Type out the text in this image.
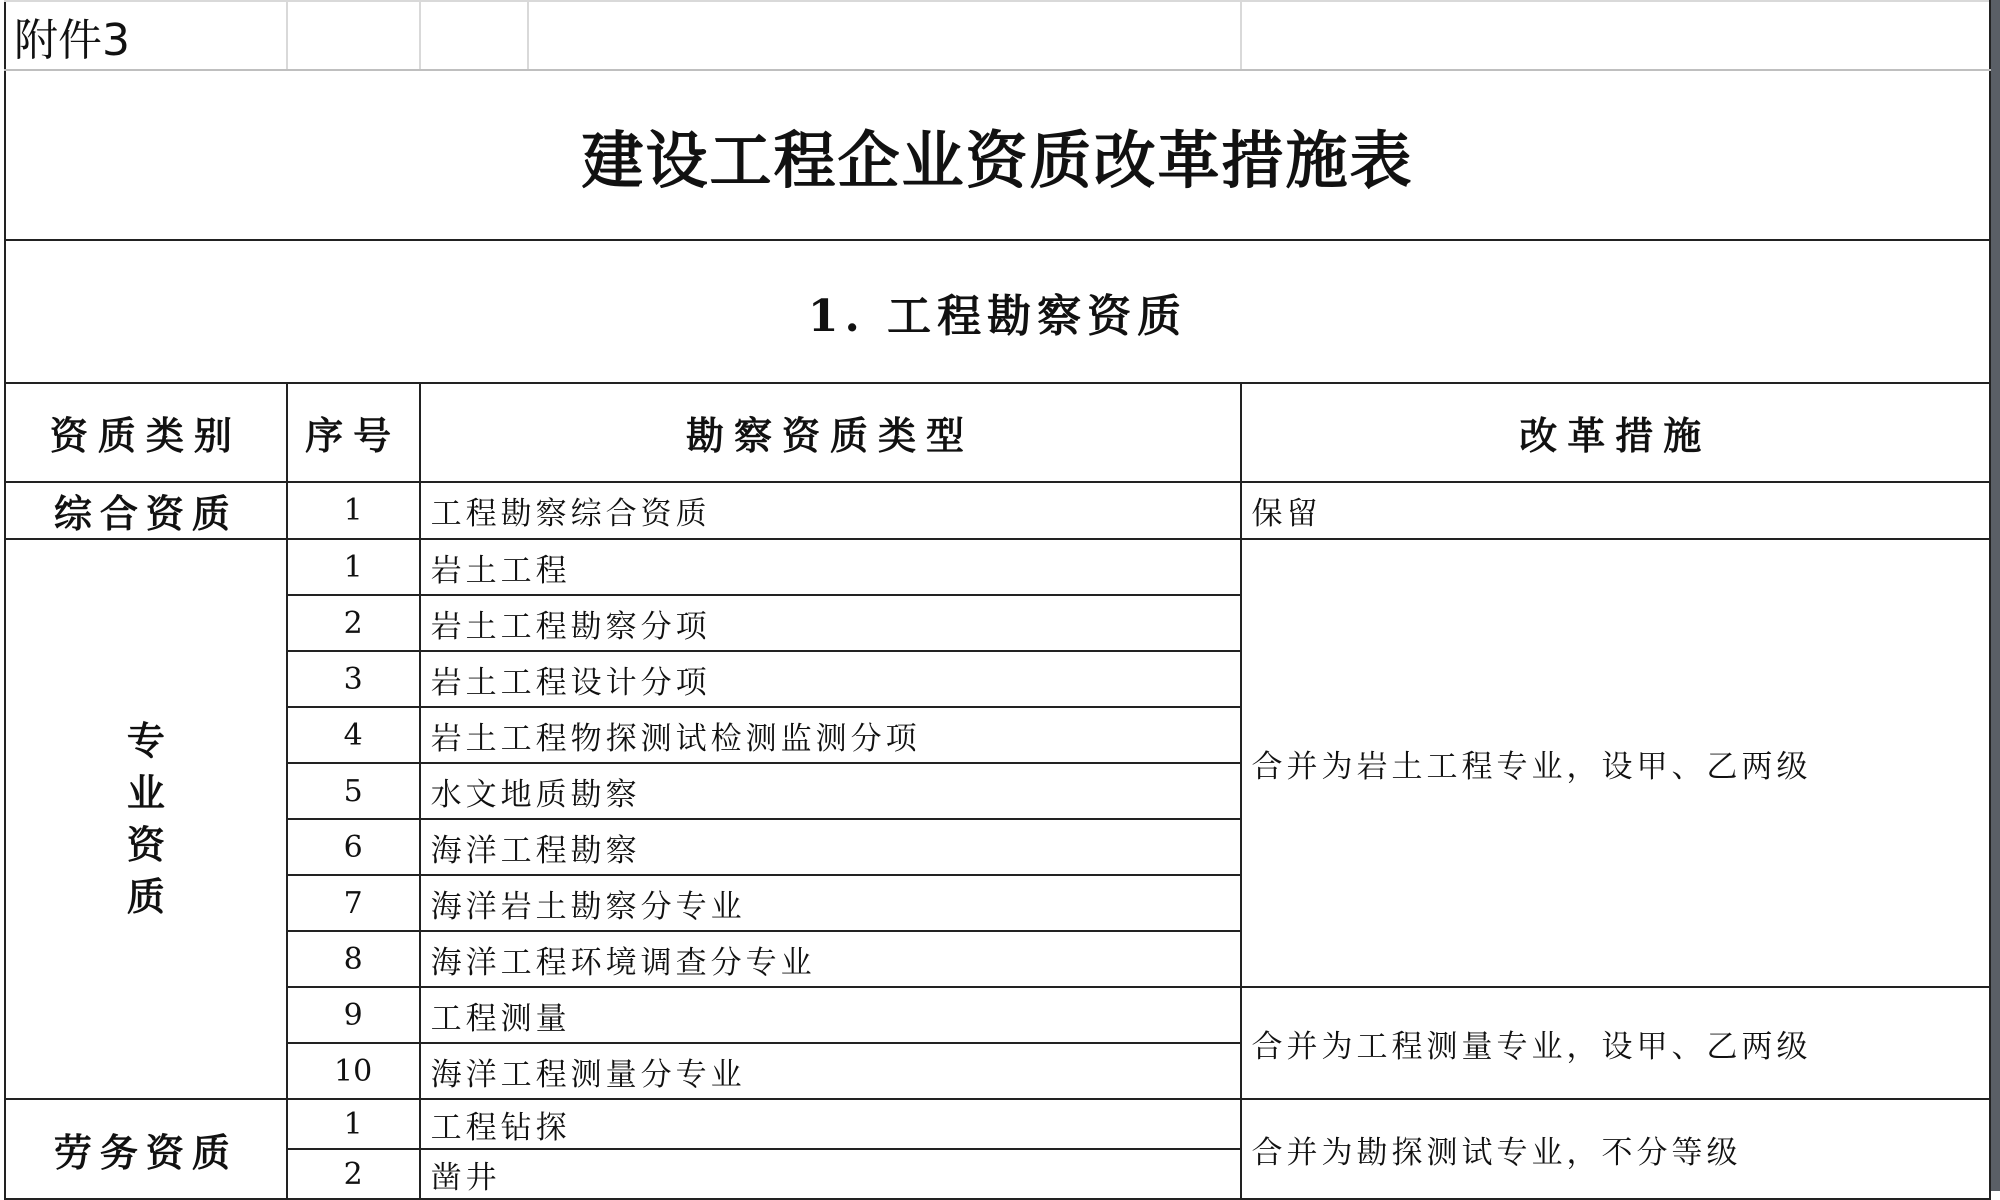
附件3				
建设工程企业资质改革措施表				
1. 工程勘察资质				
资质类别	序号	勘察资质类型		改革措施
综合资质	1	工程勘察综合资质		保留
专业资质	1	岩土工程		合并为岩土工程专业，设甲、乙两级
	2	岩土工程勘察分项		
	3	岩土工程设计分项		
	4	岩土工程物探测试检测监测分项		
	5	水文地质勘察		
	6	海洋工程勘察		
	7	海洋岩土勘察分专业		
	8	海洋工程环境调查分专业		
	9	工程测量		合并为工程测量专业，设甲、乙两级
	10	海洋工程测量分专业		
劳务资质	1	工程钻探		合并为勘探测试专业，不分等级
	2	凿井		
